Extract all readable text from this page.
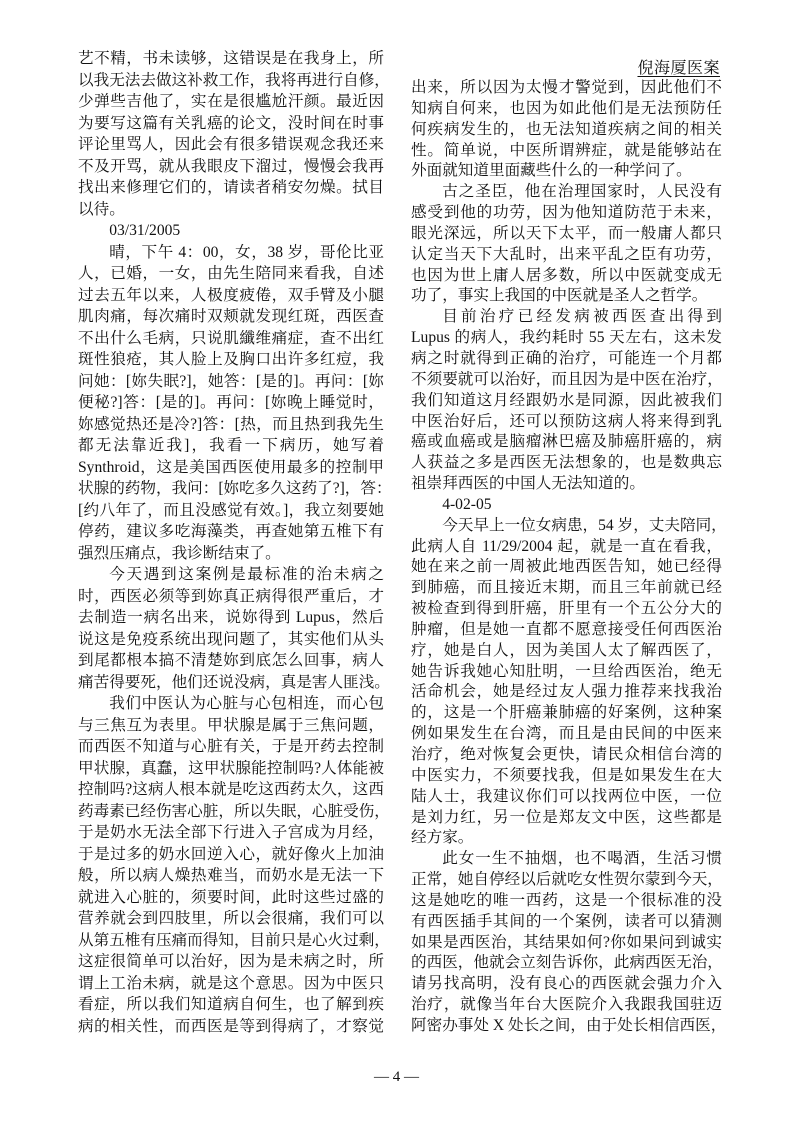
倪海厦医案
艺不精，书未读够，这错误是在我身上，所
以我无法去做这补救工作，我将再进行自修，
少弹些吉他了，实在是很尴尬汗颜。最近因
为要写这篇有关乳癌的论文，没时间在时事
评论里骂人，因此会有很多错误观念我还来
不及开骂，就从我眼皮下溜过，慢慢会我再
找出来修理它们的，请读者稍安勿燥。拭目
以待。
03/31/2005
晴，下午 4：00，女，38 岁，哥伦比亚
人，已婚，一女，由先生陪同来看我，自述
过去五年以来，人极度疲倦，双手臂及小腿
肌肉痛，每次痛时双颊就发现红斑，西医查
不出什么毛病，只说肌纖维痛症，查不出红
斑性狼疮，其人脸上及胸口出许多红痘，我
问她：[妳失眠?]，她答：[是的]。再问：[妳
便秘?]答：[是的]。再问：[妳晚上睡觉时，
妳感觉热还是冷?]答：[热，而且热到我先生
都无法靠近我]，我看一下病历，她写着
Synthroid，这是美国西医使用最多的控制甲
状腺的药物，我问：[妳吃多久这药了?]，答：
[约八年了，而且没感觉有效。]，我立刻要她
停药，建议多吃海藻类，再查她第五椎下有
强烈压痛点，我诊断结束了。
今天遇到这案例是最标准的治未病之
时，西医必须等到妳真正病得很严重后，才
去制造一病名出来，说妳得到 Lupus，然后
说这是免疫系统出现问题了，其实他们从头
到尾都根本搞不清楚妳到底怎么回事，病人
痛苦得要死，他们还说没病，真是害人匪浅。
我们中医认为心脏与心包相连，而心包
与三焦互为表里。甲状腺是属于三焦问题，
而西医不知道与心脏有关，于是开药去控制
甲状腺，真蠢，这甲状腺能控制吗?人体能被
控制吗?这病人根本就是吃这西药太久，这西
药毒素已经伤害心脏，所以失眠，心脏受伤，
于是奶水无法全部下行进入子宫成为月经，
于是过多的奶水回逆入心，就好像火上加油
般，所以病人燥热难当，而奶水是无法一下
就进入心脏的，须要时间，此时这些过盛的
营养就会到四肢里，所以会很痛，我们可以
从第五椎有压痛而得知，目前只是心火过剩，
这症很简单可以治好，因为是未病之时，所
谓上工治未病，就是这个意思。因为中医只
看症，所以我们知道病自何生，也了解到疾
病的相关性，而西医是等到得病了，才察觉
出来，所以因为太慢才警觉到，因此他们不
知病自何来，也因为如此他们是无法预防任
何疾病发生的，也无法知道疾病之间的相关
性。简单说，中医所谓辨症，就是能够站在
外面就知道里面藏些什么的一种学问了。
古之圣臣，他在治理国家时，人民没有
感受到他的功劳，因为他知道防范于未来，
眼光深远，所以天下太平，而一般庸人都只
认定当天下大乱时，出来平乱之臣有功劳，
也因为世上庸人居多数，所以中医就变成无
功了，事实上我国的中医就是圣人之哲学。
目前治疗已经发病被西医查出得到
Lupus 的病人，我约耗时 55 天左右，这未发
病之时就得到正确的治疗，可能连一个月都
不须要就可以治好，而且因为是中医在治疗，
我们知道这月经跟奶水是同源，因此被我们
中医治好后，还可以预防这病人将来得到乳
癌或血癌或是脑瘤淋巴癌及肺癌肝癌的，病
人获益之多是西医无法想象的，也是数典忘
祖崇拜西医的中国人无法知道的。
4-02-05
今天早上一位女病患，54 岁，丈夫陪同，
此病人自 11/29/2004 起，就是一直在看我，
她在来之前一周被此地西医告知，她已经得
到肺癌，而且接近末期，而且三年前就已经
被检查到得到肝癌，肝里有一个五公分大的
肿瘤，但是她一直都不愿意接受任何西医治
疗，她是白人，因为美国人太了解西医了，
她告诉我她心知肚明，一旦给西医治，绝无
活命机会，她是经过友人强力推荐来找我治
的，这是一个肝癌兼肺癌的好案例，这种案
例如果发生在台湾，而且是由民间的中医来
治疗，绝对恢复会更快，请民众相信台湾的
中医实力，不须要找我，但是如果发生在大
陆人士，我建议你们可以找两位中医，一位
是刘力红，另一位是郑友文中医，这些都是
经方家。
此女一生不抽烟，也不喝酒，生活习惯
正常，她自停经以后就吃女性贺尔蒙到今天，
这是她吃的唯一西药，这是一个很标准的没
有西医插手其间的一个案例，读者可以猜测
如果是西医治，其结果如何?你如果问到诚实
的西医，他就会立刻告诉你，此病西医无治，
请另找高明，没有良心的西医就会强力介入
治疗，就像当年台大医院介入我跟我国驻迈
阿密办事处 X 处长之间，由于处长相信西医，
— 4 —
